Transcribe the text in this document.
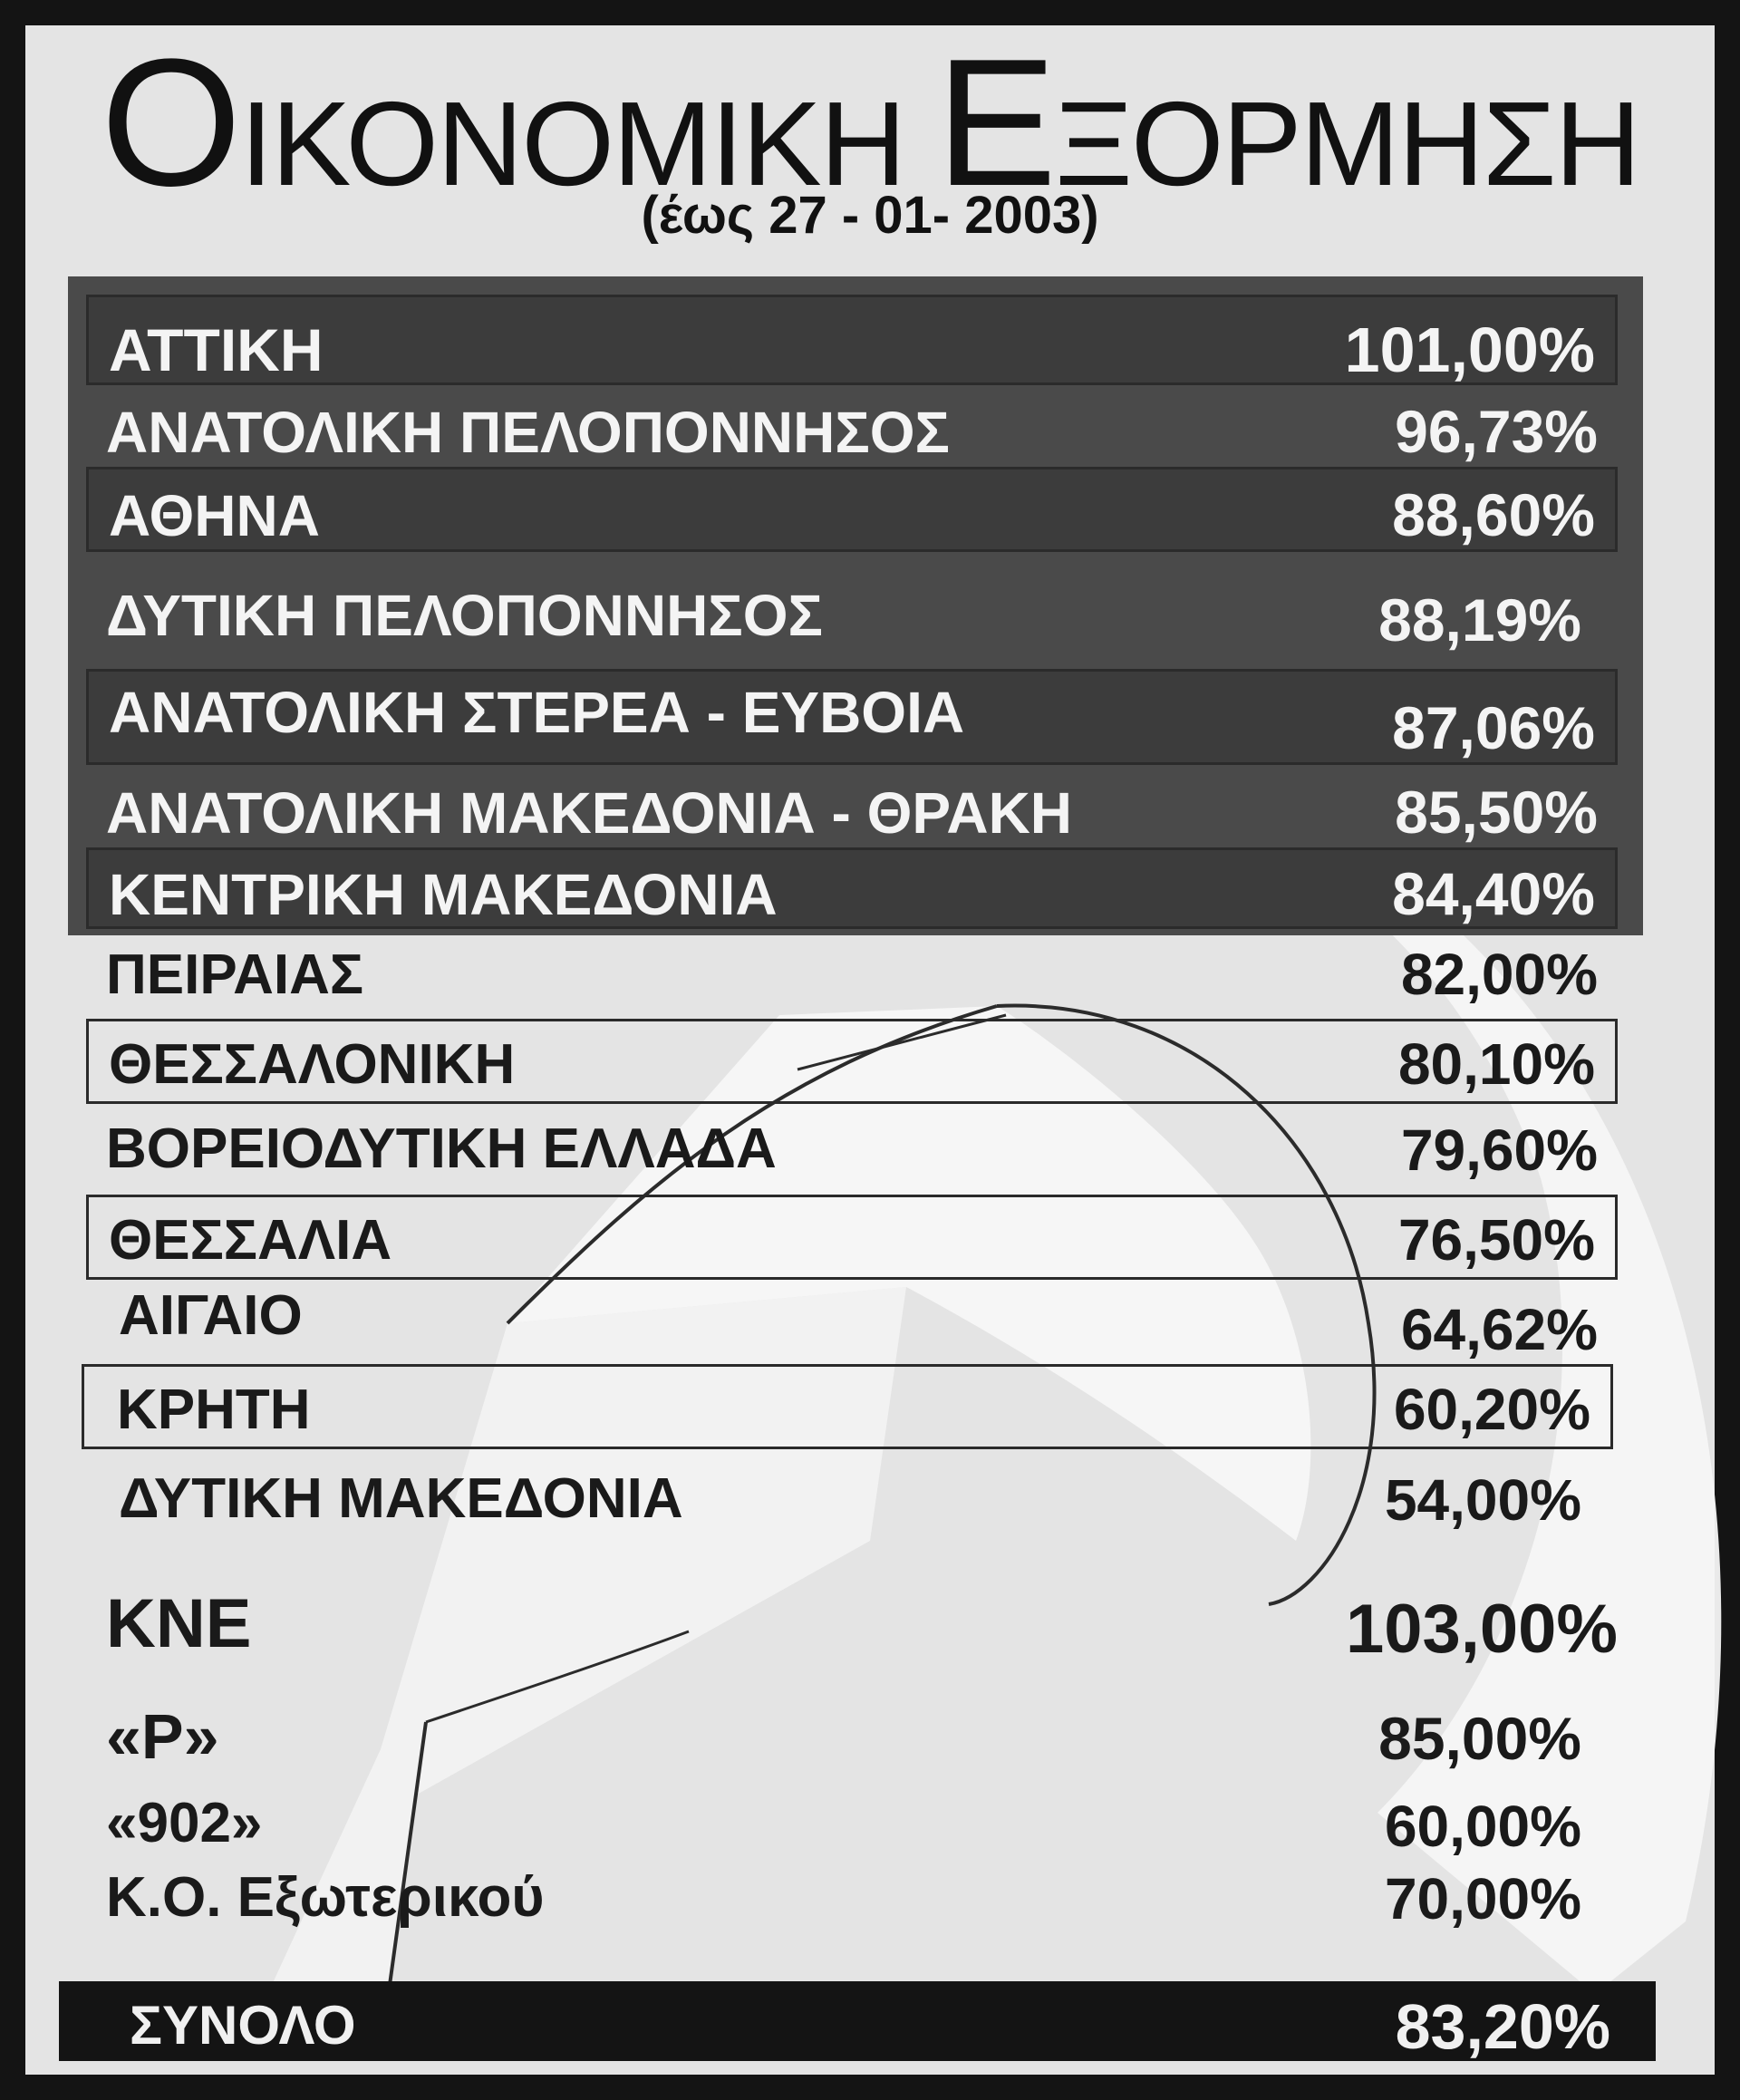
ΟΙΚΟΝΟΜΙΚΗ ΕΞΟΡΜΗΣΗ
(έως 27 - 01- 2003)
ΑΤΤΙΚΗ	101,00%
ΑΝΑΤΟΛΙΚΗ ΠΕΛΟΠΟΝΝΗΣΟΣ	96,73%
ΑΘΗΝΑ	88,60%
ΔΥΤΙΚΗ ΠΕΛΟΠΟΝΝΗΣΟΣ	88,19%
ΑΝΑΤΟΛΙΚΗ ΣΤΕΡΕΑ - ΕΥΒΟΙΑ	87,06%
ΑΝΑΤΟΛΙΚΗ ΜΑΚΕΔΟΝΙΑ - ΘΡΑΚΗ	85,50%
ΚΕΝΤΡΙΚΗ ΜΑΚΕΔΟΝΙΑ	84,40%
ΠΕΙΡΑΙΑΣ	82,00%
ΘΕΣΣΑΛΟΝΙΚΗ	80,10%
ΒΟΡΕΙΟΔΥΤΙΚΗ ΕΛΛΑΔΑ	79,60%
ΘΕΣΣΑΛΙΑ	76,50%
ΑΙΓΑΙΟ	64,62%
ΚΡΗΤΗ	60,20%
ΔΥΤΙΚΗ ΜΑΚΕΔΟΝΙΑ	54,00%
ΚΝΕ	103,00%
«Ρ»	85,00%
«902»	60,00%
Κ.Ο. Εξωτερικού	70,00%
ΣΥΝΟΛΟ	83,20%
